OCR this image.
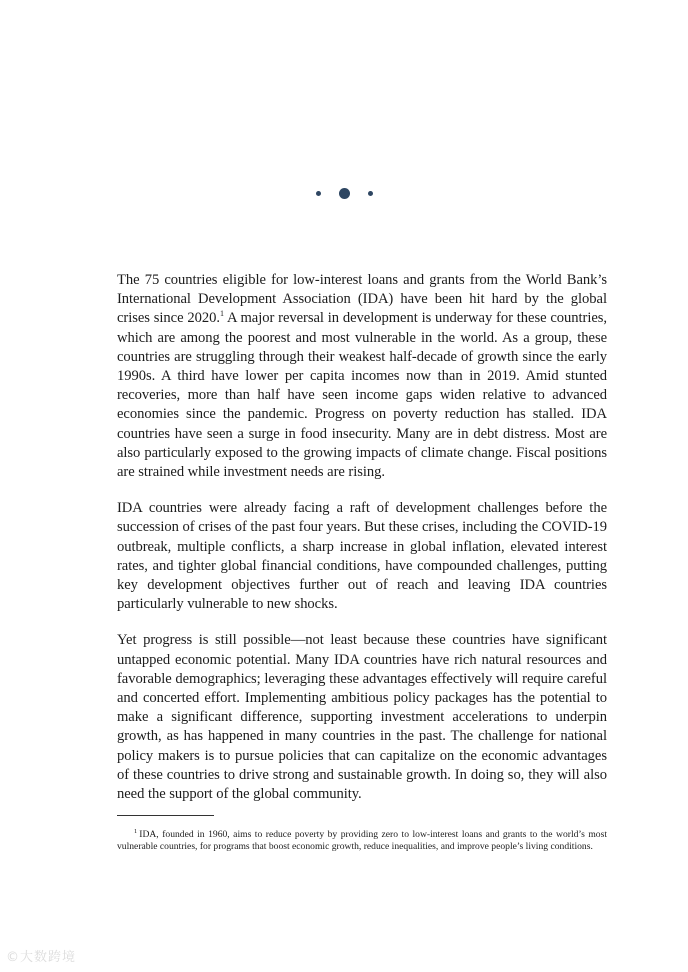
The 75 countries eligible for low-interest loans and grants from the World Bank’s International Development Association (IDA) have been hit hard by the global crises since 2020.$^1$ A major reversal in development is underway for these countries, which are among the poorest and most vulnerable in the world. As a group, these countries are struggling through their weakest half-decade of growth since the early 1990s. A third have lower per capita incomes now than in 2019. Amid stunted recoveries, more than half have seen income gaps widen relative to advanced economies since the pandemic. Progress on poverty reduction has stalled. IDA countries have seen a surge in food insecurity. Many are in debt distress. Most are also particularly exposed to the growing impacts of climate change. Fiscal positions are strained while investment needs are rising.

IDA countries were already facing a raft of development challenges before the succession of crises of the past four years. But these crises, including the COVID-19 outbreak, multiple conflicts, a sharp increase in global inflation, elevated interest rates, and tighter global financial conditions, have compounded challenges, putting key development objectives further out of reach and leaving IDA countries particularly vulnerable to new shocks.

Yet progress is still possible—not least because these countries have significant untapped economic potential. Many IDA countries have rich natural resources and favorable demographics; leveraging these advantages effectively will require careful and concerted effort. Implementing ambitious policy packages has the potential to make a significant difference, supporting investment accelerations to underpin growth, as has happened in many countries in the past. The challenge for national policy makers is to pursue policies that can capitalize on the economic advantages of these countries to drive strong and sustainable growth. In doing so, they will also need the support of the global community.

$^1$ IDA, founded in 1960, aims to reduce poverty by providing zero to low-interest loans and grants to the world’s most vulnerable countries, for programs that boost economic growth, reduce inequalities, and improve people’s living conditions.
©大数跨境
